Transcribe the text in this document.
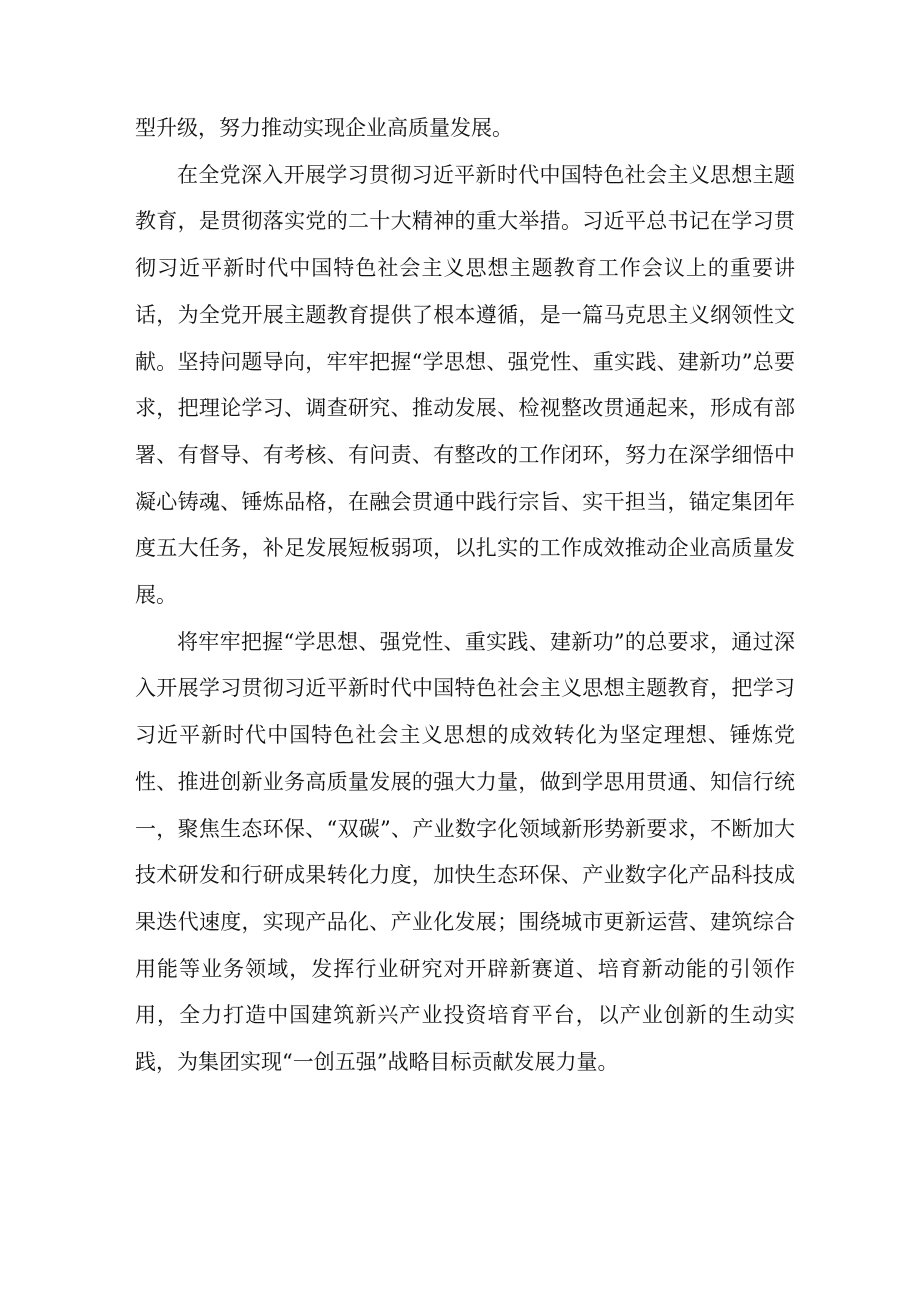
型升级，努力推动实现企业高质量发展。

在全党深入开展学习贯彻习近平新时代中国特色社会主义思想主题教育，是贯彻落实党的二十大精神的重大举措。习近平总书记在学习贯彻习近平新时代中国特色社会主义思想主题教育工作会议上的重要讲话，为全党开展主题教育提供了根本遵循，是一篇马克思主义纲领性文献。坚持问题导向，牢牢把握“学思想、强党性、重实践、建新功”总要求，把理论学习、调查研究、推动发展、检视整改贯通起来，形成有部署、有督导、有考核、有问责、有整改的工作闭环，努力在深学细悟中凝心铸魂、锤炼品格，在融会贯通中践行宗旨、实干担当，锚定集团年度五大任务，补足发展短板弱项，以扎实的工作成效推动企业高质量发展。

将牢牢把握“学思想、强党性、重实践、建新功”的总要求，通过深入开展学习贯彻习近平新时代中国特色社会主义思想主题教育，把学习习近平新时代中国特色社会主义思想的成效转化为坚定理想、锤炼党性、推进创新业务高质量发展的强大力量，做到学思用贯通、知信行统一，聚焦生态环保、“双碳”、产业数字化领域新形势新要求，不断加大技术研发和行研成果转化力度，加快生态环保、产业数字化产品科技成果迭代速度，实现产品化、产业化发展；围绕城市更新运营、建筑综合用能等业务领域，发挥行业研究对开辟新赛道、培育新动能的引领作用，全力打造中国建筑新兴产业投资培育平台，以产业创新的生动实践，为集团实现“一创五强”战略目标贡献发展力量。
